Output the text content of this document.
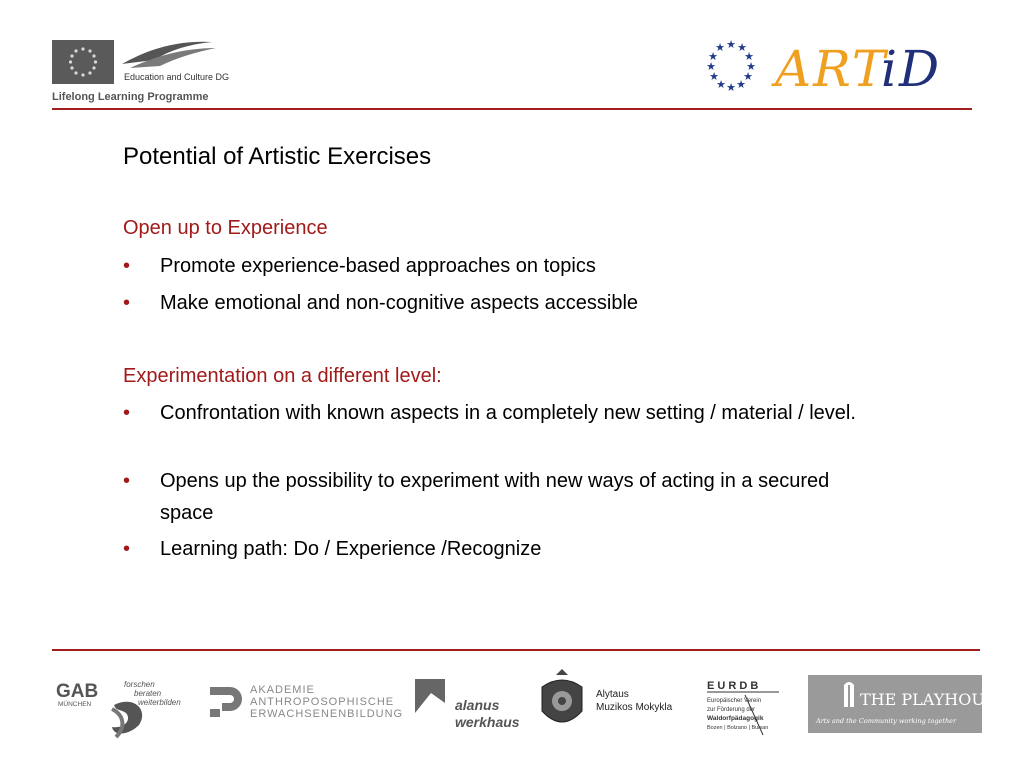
Education and Culture DG
Lifelong Learning Programme
★ ★
★
★
★
★
★
★
★
★
★
★ ART
iD
Potential of Artistic Exercises
Open up to Experience
•	Promote experience-based approaches on topics
•	Make emotional and non-cognitive aspects accessible
Experimentation on a different level:
•	Confrontation with known aspects in a completely new setting / material / level.
•	Opens up the possibility to experiment with new ways of acting in a secured space
•	Learning path: Do / Experience /Recognize
GAB
MÜNCHEN
forschen
beraten
weiterbilden
AKADEMIE
ANTHROPOSOPHISCHE
ERWACHSENENBILDUNG
alanus
werkhaus
Alytaus
Muzikos Mokykla
E U R D B
Europäischer Verein
zur Förderung der
Waldorfpädagogik
Bozen | Bolzano | Bulsan
THE PLAYHOUSE
Arts and the Community working together
